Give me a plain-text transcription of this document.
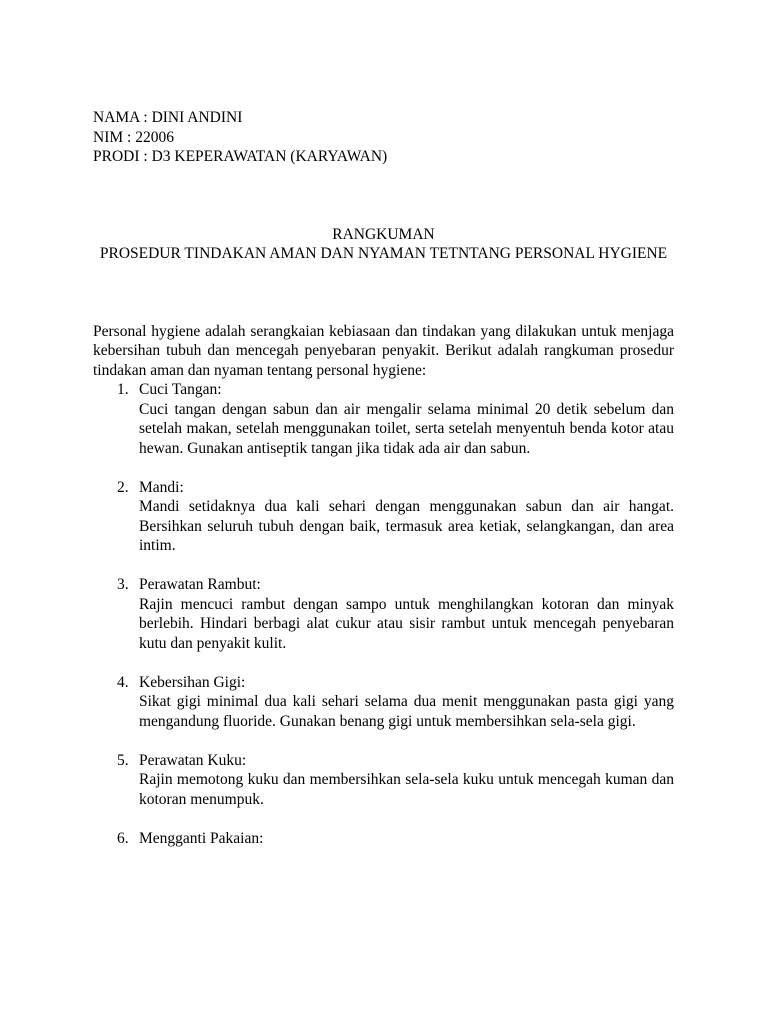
NAMA : DINI ANDINI

NIM : 22006

PRODI : D3 KEPERAWATAN (KARYAWAN)

RANGKUMAN

PROSEDUR TINDAKAN AMAN DAN NYAMAN TETNTANG PERSONAL HYGIENE

Personal hygiene adalah serangkaian kebiasaan dan tindakan yang dilakukan untuk menjaga kebersihan tubuh dan mencegah penyebaran penyakit. Berikut adalah rangkuman prosedur tindakan aman dan nyaman tentang personal hygiene:

1. Cuci Tangan:

Cuci tangan dengan sabun dan air mengalir selama minimal 20 detik sebelum dan setelah makan, setelah menggunakan toilet, serta setelah menyentuh benda kotor atau hewan. Gunakan antiseptik tangan jika tidak ada air dan sabun.

2. Mandi:

Mandi setidaknya dua kali sehari dengan menggunakan sabun dan air hangat. Bersihkan seluruh tubuh dengan baik, termasuk area ketiak, selangkangan, dan area intim.

3. Perawatan Rambut:

Rajin mencuci rambut dengan sampo untuk menghilangkan kotoran dan minyak berlebih. Hindari berbagi alat cukur atau sisir rambut untuk mencegah penyebaran kutu dan penyakit kulit.

4. Kebersihan Gigi:

Sikat gigi minimal dua kali sehari selama dua menit menggunakan pasta gigi yang mengandung fluoride. Gunakan benang gigi untuk membersihkan sela-sela gigi.

5. Perawatan Kuku:

Rajin memotong kuku dan membersihkan sela-sela kuku untuk mencegah kuman dan kotoran menumpuk.

6. Mengganti Pakaian:
